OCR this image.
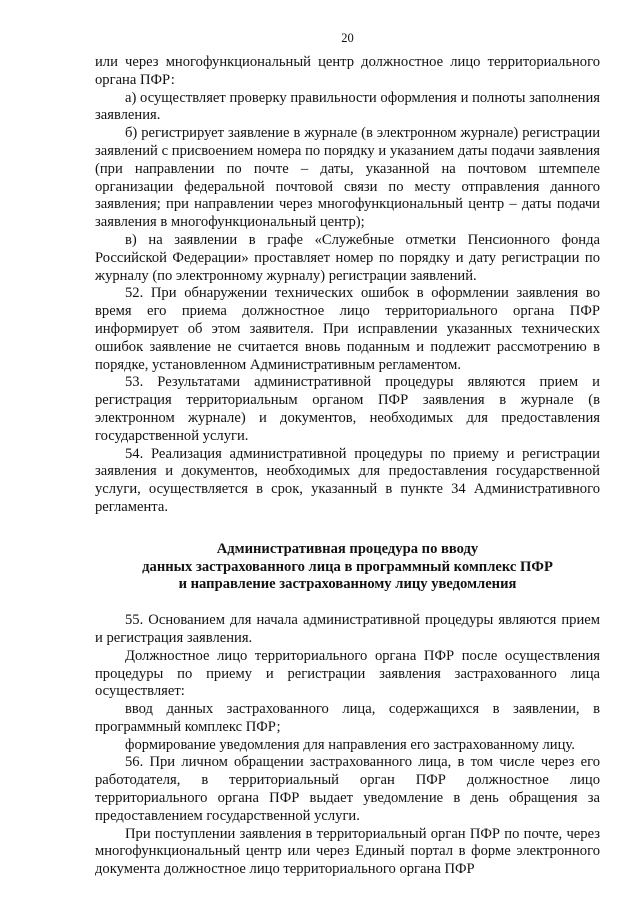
20

или через многофункциональный центр должностное лицо территориального органа ПФР:

а) осуществляет проверку правильности оформления и полноты заполнения заявления.

б) регистрирует заявление в журнале (в электронном журнале) регистрации заявлений с присвоением номера по порядку и указанием даты подачи заявления (при направлении по почте – даты, указанной на почтовом штемпеле организации федеральной почтовой связи по месту отправления данного заявления; при направлении через многофункциональный центр – даты подачи заявления в многофункциональный центр);

в) на заявлении в графе «Служебные отметки Пенсионного фонда Российской Федерации» проставляет номер по порядку и дату регистрации по журналу (по электронному журналу) регистрации заявлений.

52. При обнаружении технических ошибок в оформлении заявления во время его приема должностное лицо территориального органа ПФР информирует об этом заявителя. При исправлении указанных технических ошибок заявление не считается вновь поданным и подлежит рассмотрению в порядке, установленном Административным регламентом.

53. Результатами административной процедуры являются прием и регистрация территориальным органом ПФР заявления в журнале (в электронном журнале) и документов, необходимых для предоставления государственной услуги.

54. Реализация административной процедуры по приему и регистрации заявления и документов, необходимых для предоставления государственной услуги, осуществляется в срок, указанный в пункте 34 Административного регламента.

Административная процедура по вводу
данных застрахованного лица в программный комплекс ПФР
и направление застрахованному лицу уведомления

55. Основанием для начала административной процедуры являются прием и регистрация заявления.

Должностное лицо территориального органа ПФР после осуществления процедуры по приему и регистрации заявления застрахованного лица осуществляет:

ввод данных застрахованного лица, содержащихся в заявлении, в программный комплекс ПФР;

формирование уведомления для направления его застрахованному лицу.

56. При личном обращении застрахованного лица, в том числе через его работодателя, в территориальный орган ПФР должностное лицо территориального органа ПФР выдает уведомление в день обращения за предоставлением государственной услуги.

При поступлении заявления в территориальный орган ПФР по почте, через многофункциональный центр или через Единый портал в форме электронного документа должностное лицо территориального органа ПФР
